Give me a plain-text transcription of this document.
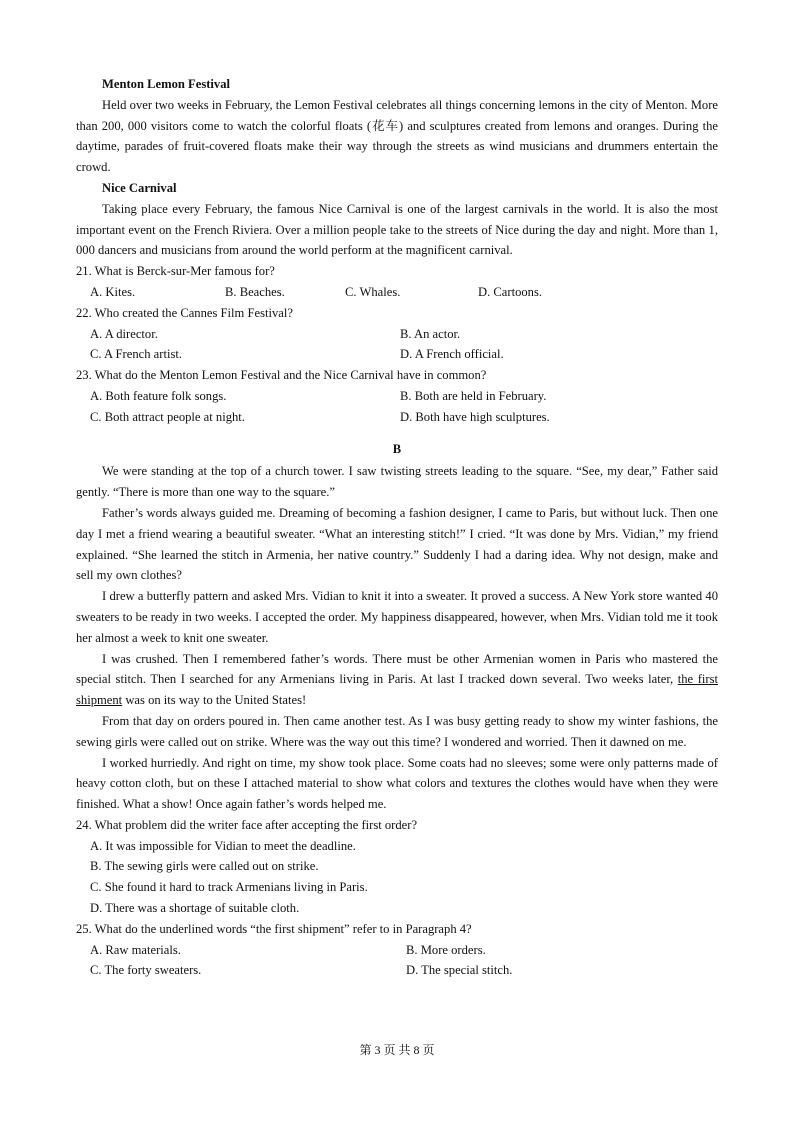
Menton Lemon Festival
Held over two weeks in February, the Lemon Festival celebrates all things concerning lemons in the city of Menton. More than 200, 000 visitors come to watch the colorful floats (花车) and sculptures created from lemons and oranges. During the daytime, parades of fruit-covered floats make their way through the streets as wind musicians and drummers entertain the crowd.
Nice Carnival
Taking place every February, the famous Nice Carnival is one of the largest carnivals in the world. It is also the most important event on the French Riviera. Over a million people take to the streets of Nice during the day and night. More than 1, 000 dancers and musicians from around the world perform at the magnificent carnival.
21. What is Berck-sur-Mer famous for?
A. Kites.	B. Beaches.	C. Whales.	D. Cartoons.
22. Who created the Cannes Film Festival?
A. A director.	B. An actor.
C. A French artist.	D. A French official.
23. What do the Menton Lemon Festival and the Nice Carnival have in common?
A. Both feature folk songs.	B. Both are held in February.
C. Both attract people at night.	D. Both have high sculptures.
B
We were standing at the top of a church tower. I saw twisting streets leading to the square. “See, my dear,” Father said gently. “There is more than one way to the square.”
Father’s words always guided me. Dreaming of becoming a fashion designer, I came to Paris, but without luck. Then one day I met a friend wearing a beautiful sweater. “What an interesting stitch!” I cried. “It was done by Mrs. Vidian,” my friend explained. “She learned the stitch in Armenia, her native country.” Suddenly I had a daring idea. Why not design, make and sell my own clothes?
I drew a butterfly pattern and asked Mrs. Vidian to knit it into a sweater. It proved a success. A New York store wanted 40 sweaters to be ready in two weeks. I accepted the order. My happiness disappeared, however, when Mrs. Vidian told me it took her almost a week to knit one sweater.
I was crushed. Then I remembered father’s words. There must be other Armenian women in Paris who mastered the special stitch. Then I searched for any Armenians living in Paris. At last I tracked down several. Two weeks later, the first shipment was on its way to the United States!
From that day on orders poured in. Then came another test. As I was busy getting ready to show my winter fashions, the sewing girls were called out on strike. Where was the way out this time? I wondered and worried. Then it dawned on me.
I worked hurriedly. And right on time, my show took place. Some coats had no sleeves; some were only patterns made of heavy cotton cloth, but on these I attached material to show what colors and textures the clothes would have when they were finished. What a show! Once again father’s words helped me.
24. What problem did the writer face after accepting the first order?
A. It was impossible for Vidian to meet the deadline.
B. The sewing girls were called out on strike.
C. She found it hard to track Armenians living in Paris.
D. There was a shortage of suitable cloth.
25. What do the underlined words “the first shipment” refer to in Paragraph 4?
A. Raw materials.	B. More orders.
C. The forty sweaters.	D. The special stitch.
第 3 页 共 8 页
